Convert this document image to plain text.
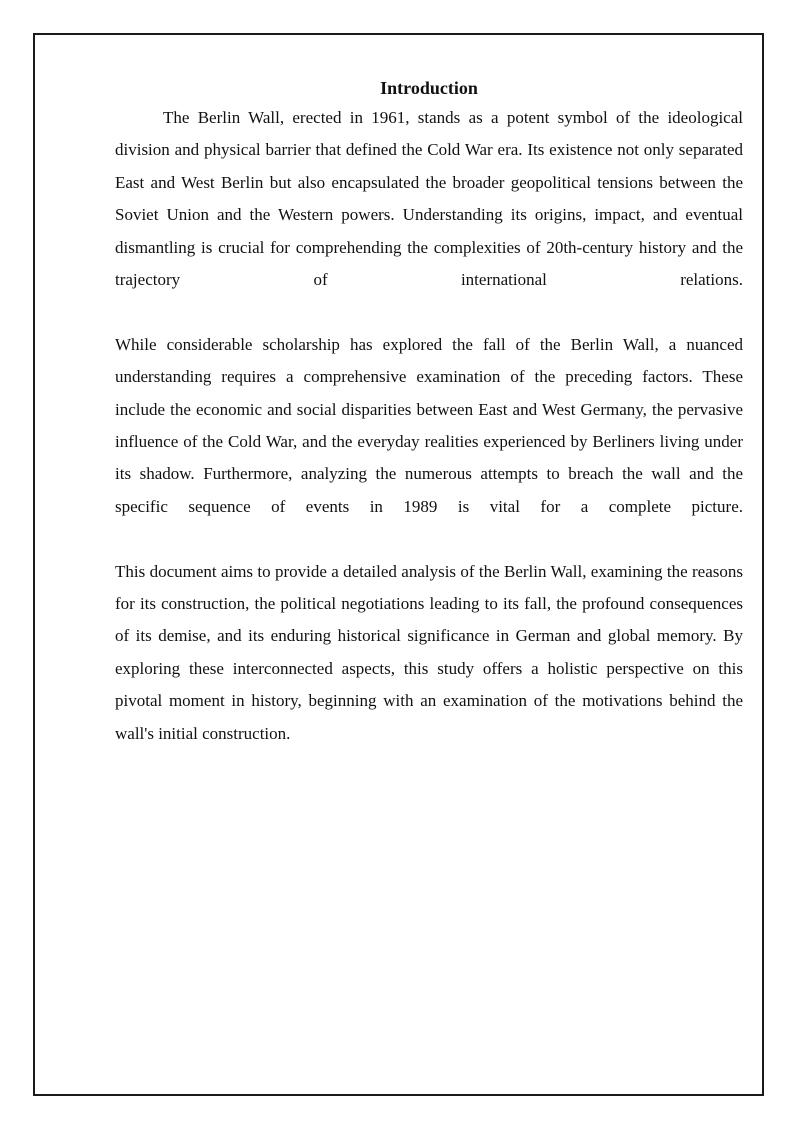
Introduction

The Berlin Wall, erected in 1961, stands as a potent symbol of the ideological division and physical barrier that defined the Cold War era. Its existence not only separated East and West Berlin but also encapsulated the broader geopolitical tensions between the Soviet Union and the Western powers. Understanding its origins, impact, and eventual dismantling is crucial for comprehending the complexities of 20th-century history and the trajectory of international relations.

While considerable scholarship has explored the fall of the Berlin Wall, a nuanced understanding requires a comprehensive examination of the preceding factors. These include the economic and social disparities between East and West Germany, the pervasive influence of the Cold War, and the everyday realities experienced by Berliners living under its shadow. Furthermore, analyzing the numerous attempts to breach the wall and the specific sequence of events in 1989 is vital for a complete picture.

This document aims to provide a detailed analysis of the Berlin Wall, examining the reasons for its construction, the political negotiations leading to its fall, the profound consequences of its demise, and its enduring historical significance in German and global memory. By exploring these interconnected aspects, this study offers a holistic perspective on this pivotal moment in history, beginning with an examination of the motivations behind the wall's initial construction.
